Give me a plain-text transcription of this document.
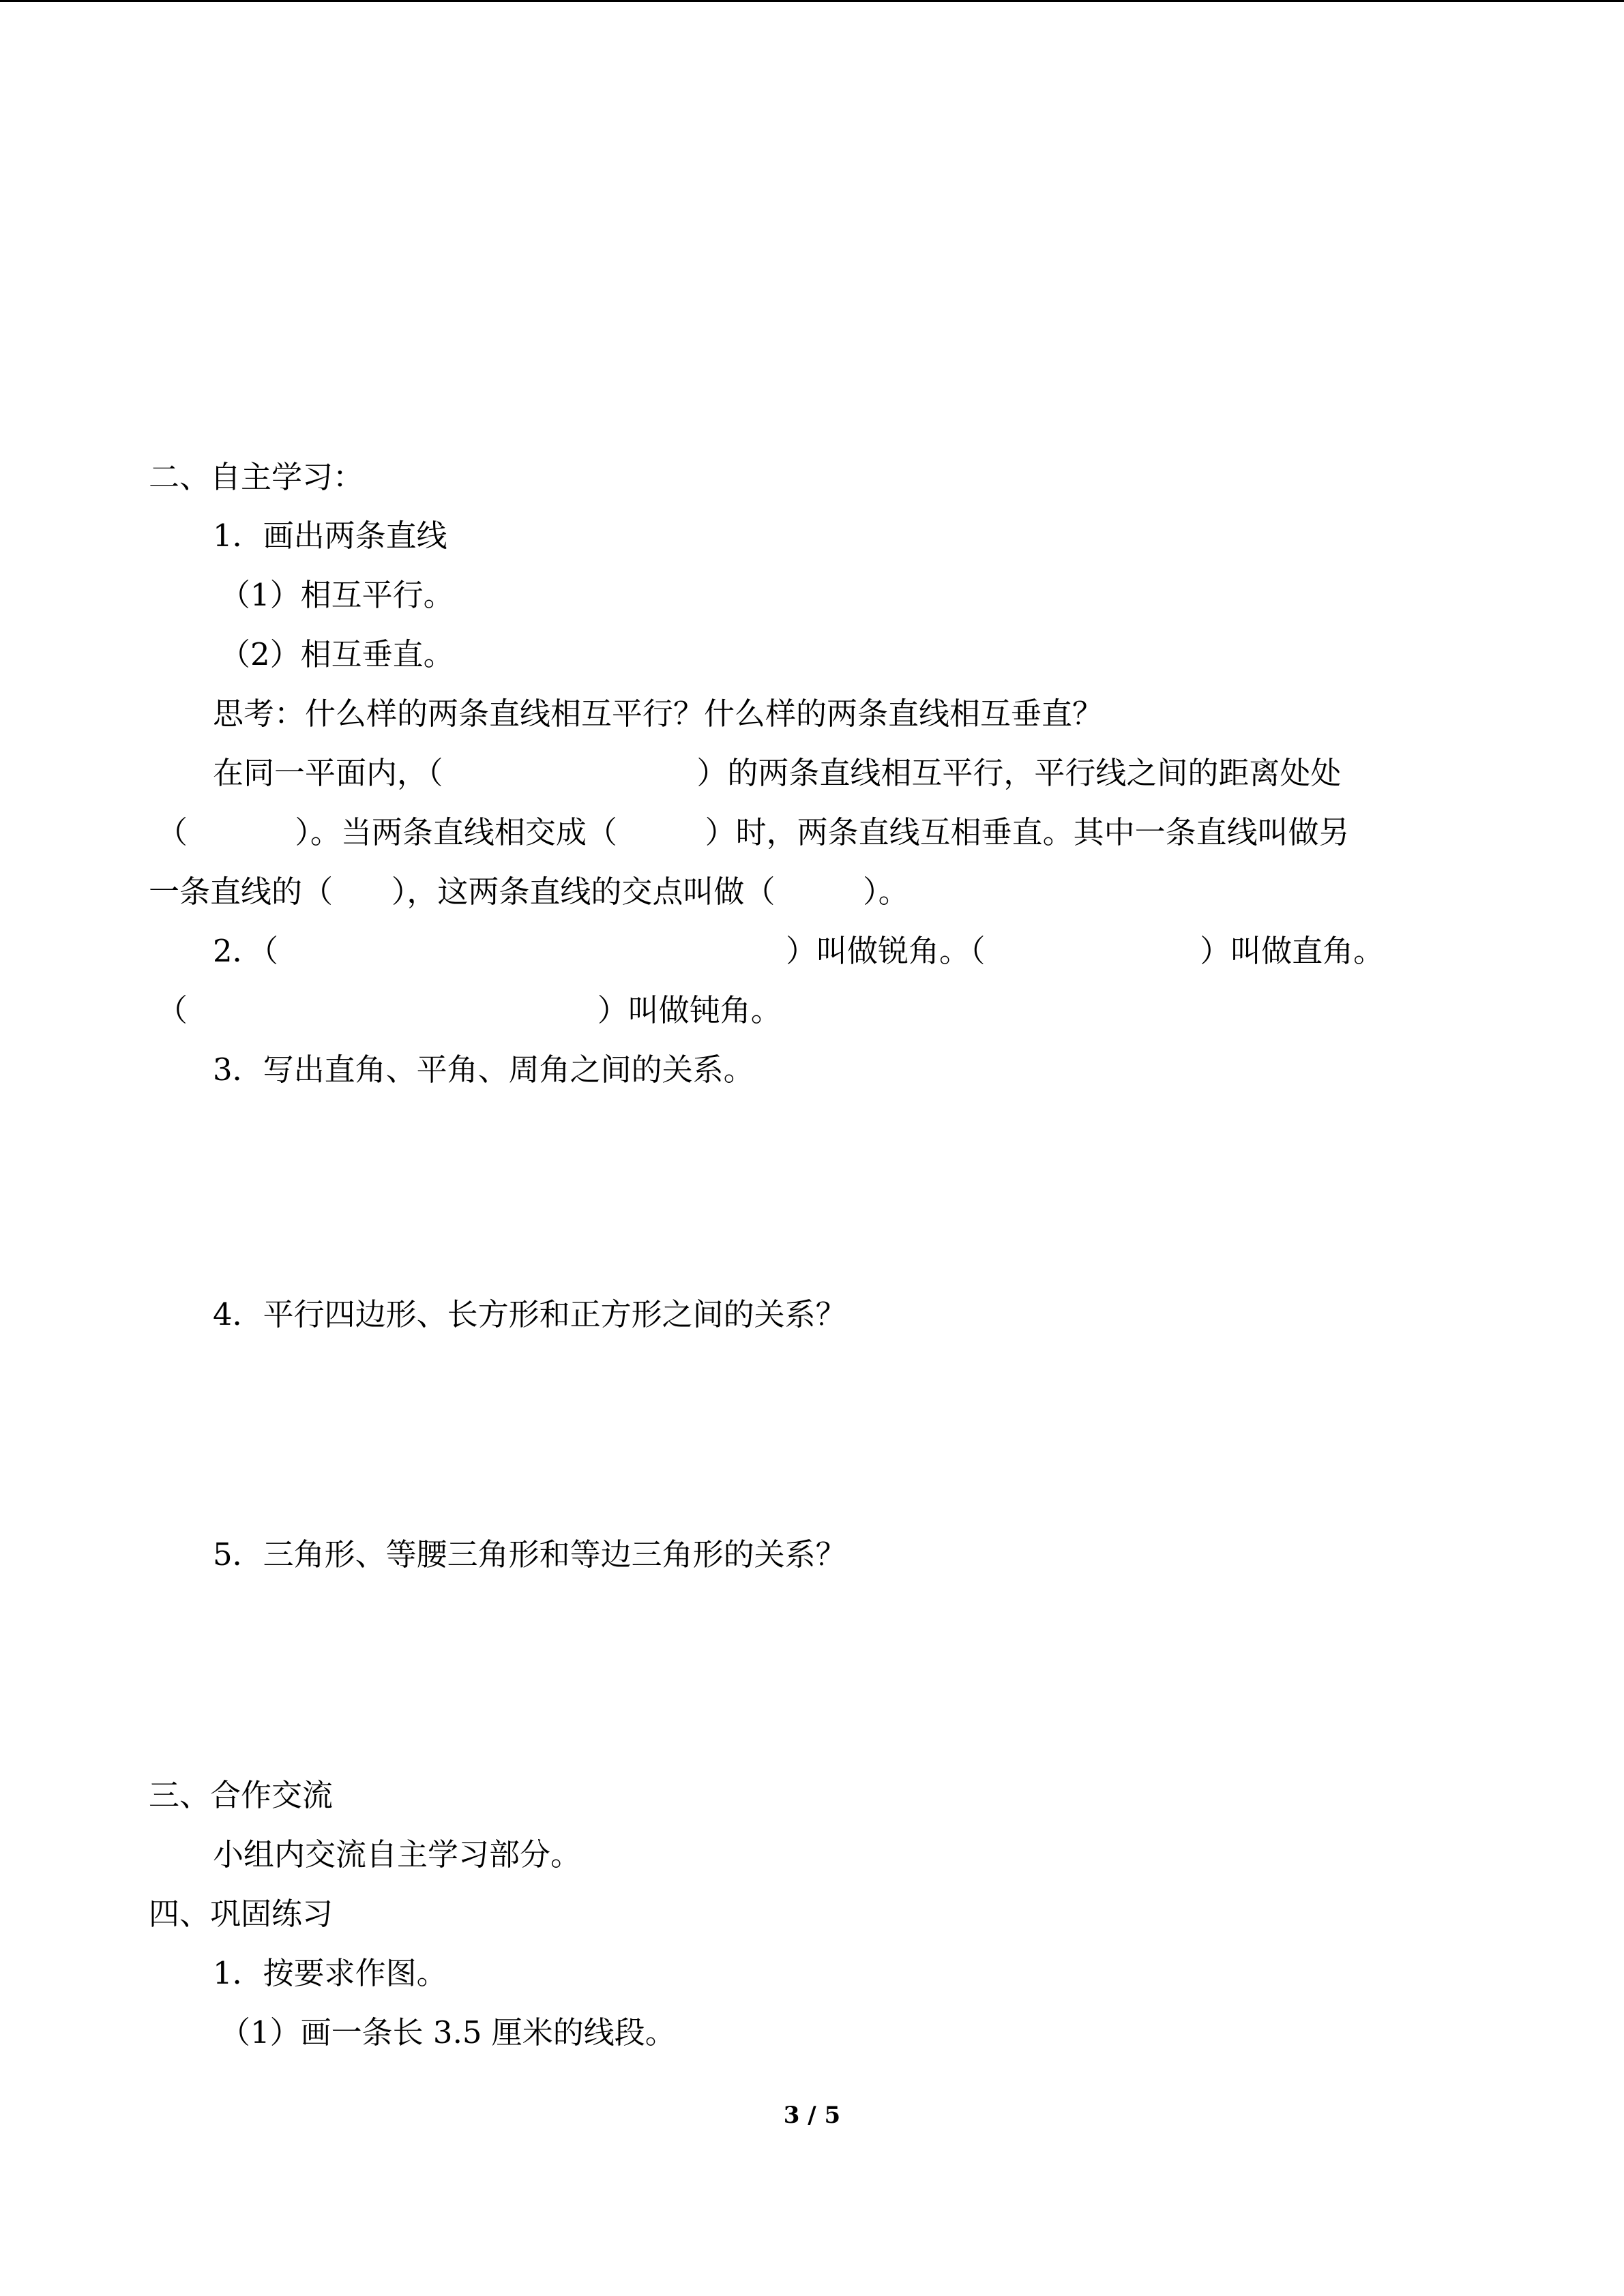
二、自主学习：
1．画出两条直线
（1）相互平行。
（2）相互垂直。
思考：什么样的两条直线相互平行？什么样的两条直线相互垂直？
在同一平面内，（                          ）的两条直线相互平行，平行线之间的距离处处
（           ）。当两条直线相交成（         ）时，两条直线互相垂直。其中一条直线叫做另
一条直线的（      ），这两条直线的交点叫做（         ）。
2．（                                                    ）叫做锐角。（                      ）叫做直角。
（                                          ）叫做钝角。
3．写出直角、平角、周角之间的关系。
4．平行四边形、长方形和正方形之间的关系？
5．三角形、等腰三角形和等边三角形的关系？
三、合作交流
小组内交流自主学习部分。
四、巩固练习
1．按要求作图。
（1）画一条长 3.5 厘米的线段。
3 / 5
